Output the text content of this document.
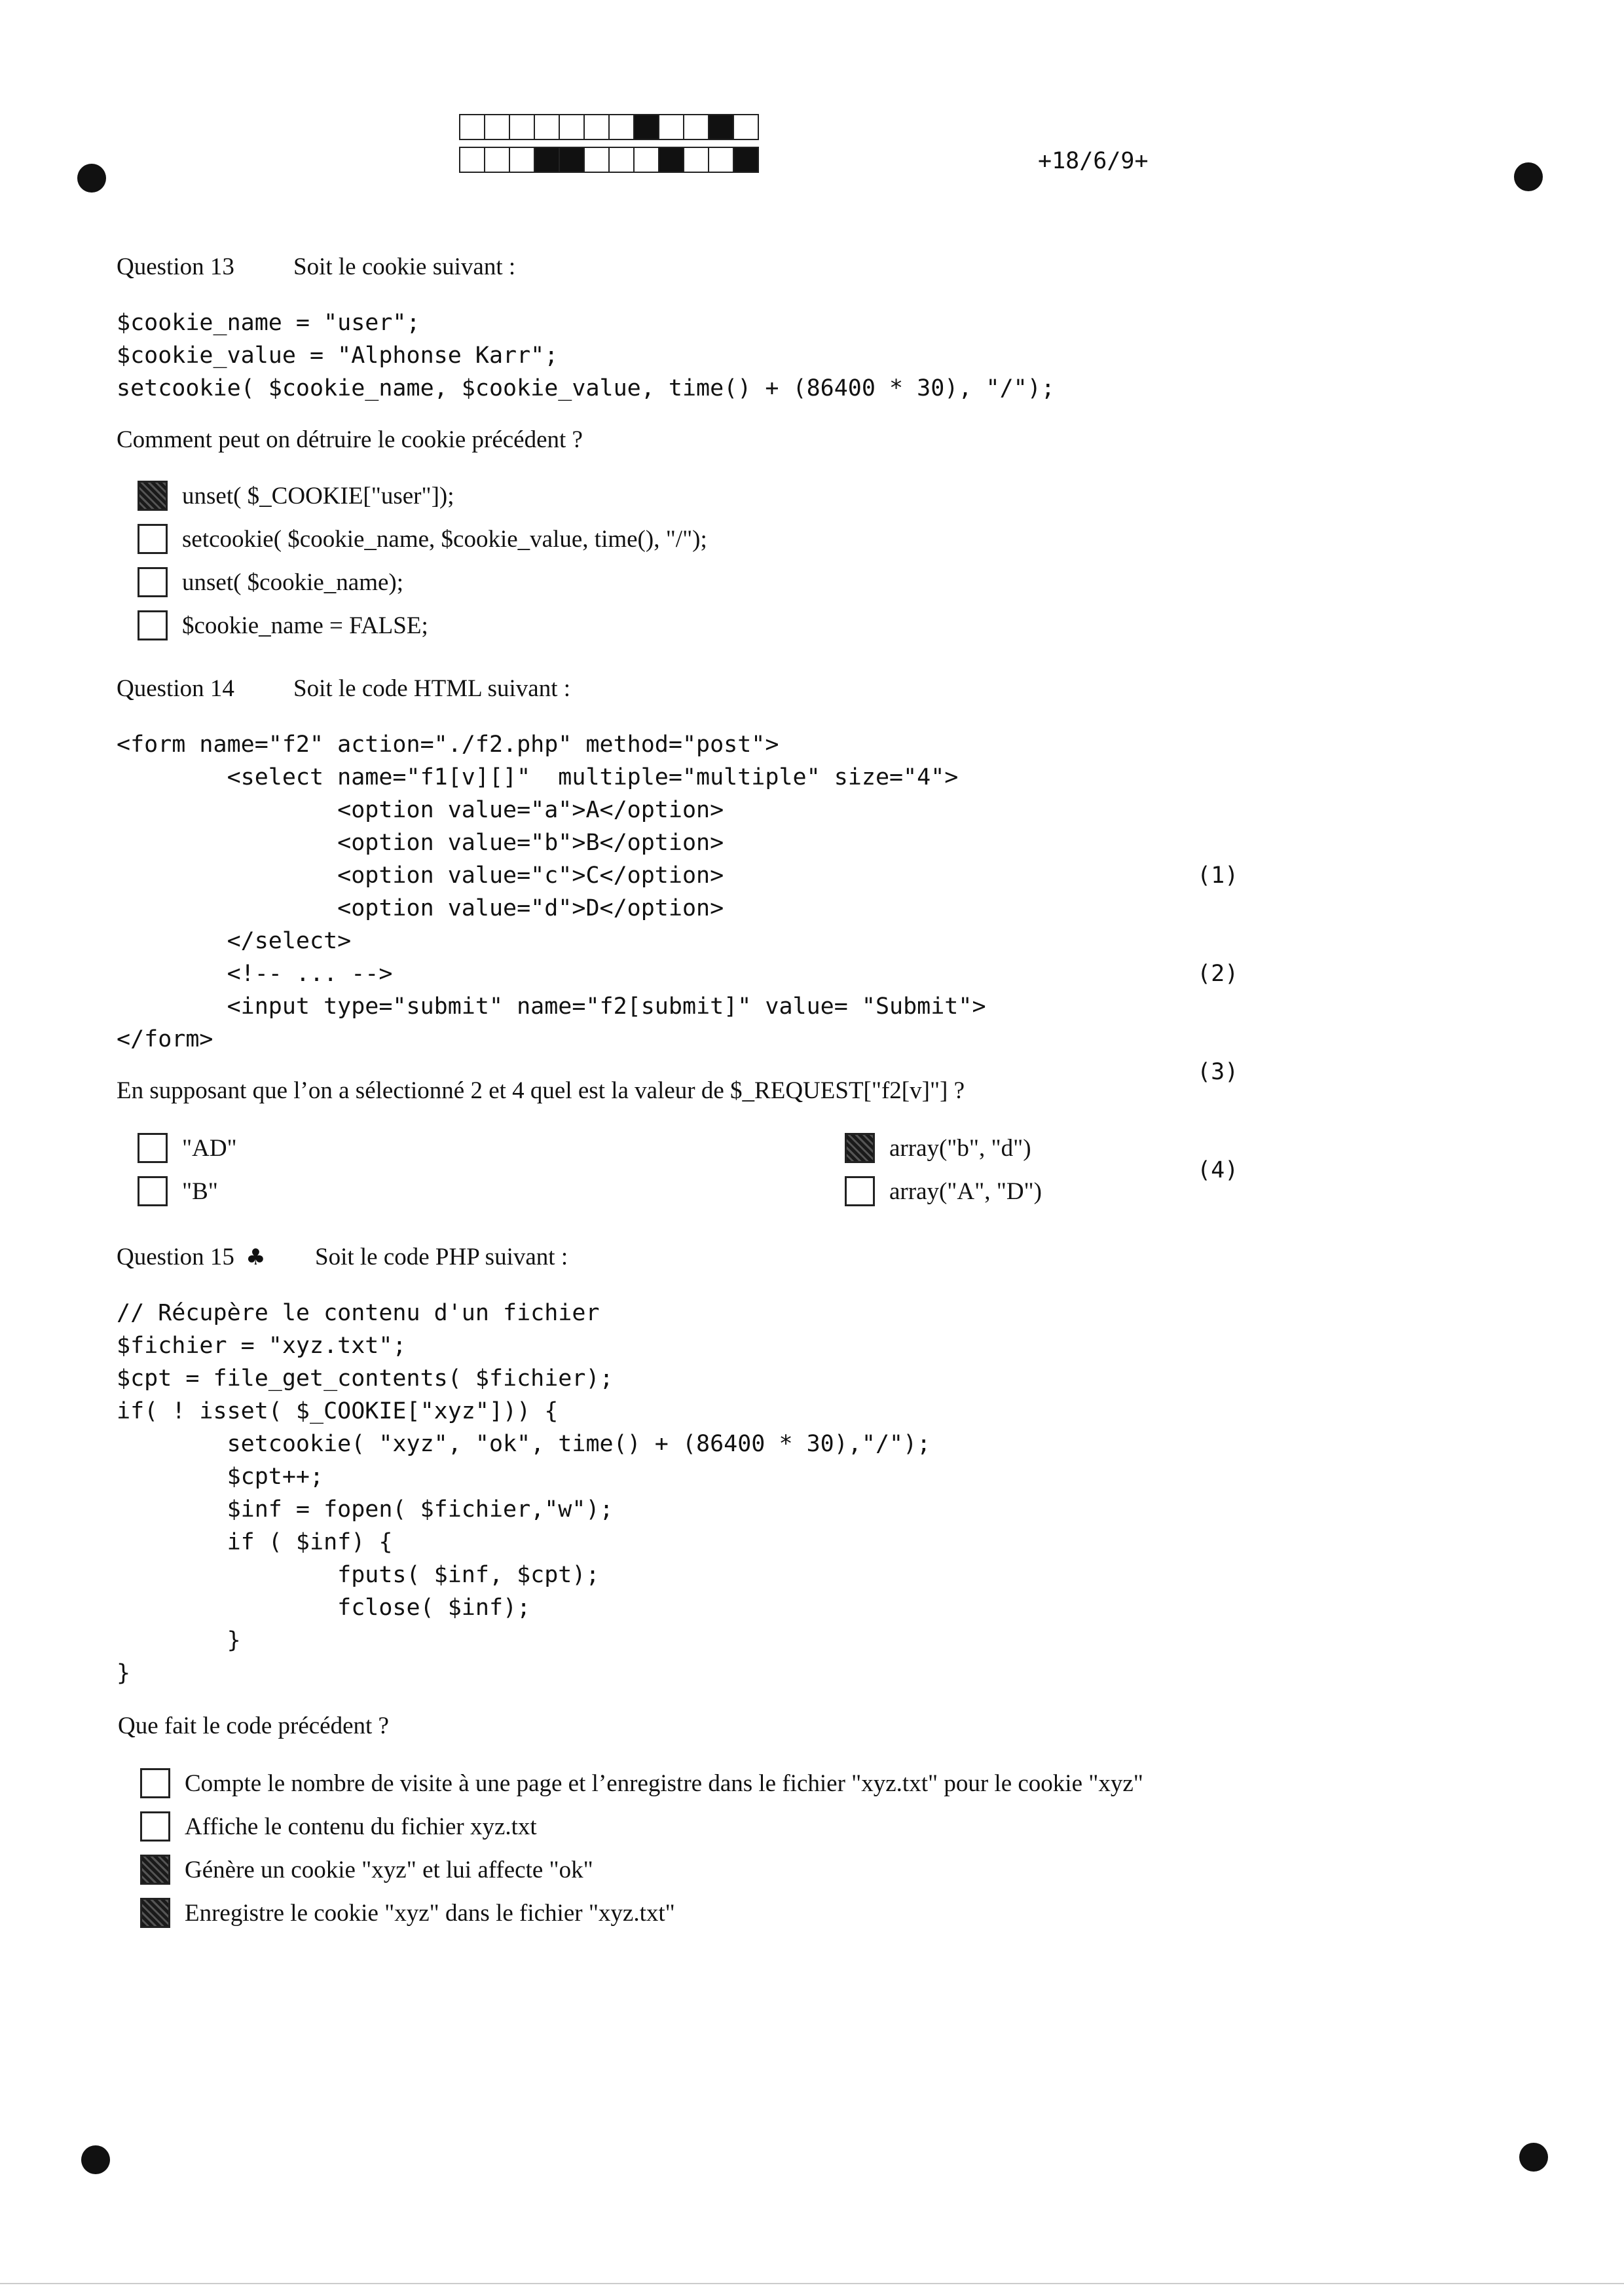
+18/6/9+
Question 13 Soit le cookie suivant :
$cookie_name = "user";
$cookie_value = "Alphonse Karr";
setcookie( $cookie_name, $cookie_value, time() + (86400 * 30), "/");
Comment peut on détruire le cookie précédent ?
unset( $_COOKIE["user"]);
setcookie( $cookie_name, $cookie_value, time(), "/");
unset( $cookie_name);
$cookie_name = FALSE;
Question 14 Soit le code HTML suivant :
<form name="f2" action="./f2.php" method="post">
<select name="f1[v][]"  multiple="multiple" size="4">
<option value="a">A</option>
<option value="b">B</option>
<option value="c">C</option>
<option value="d">D</option>
</select>
<!-- ... -->
<input type="submit" name="f2[submit]" value= "Submit">
</form>

(1)

(2)

(3)

(4)

En supposant que l’on a sélectionné 2 et 4 quel est la valeur de $_REQUEST["f2[v]"] ?
"AD"
"B"
array("b", "d")
array("A", "D")
Question 15 ♣ Soit le code PHP suivant :
// Récupère le contenu d'un fichier
$fichier = "xyz.txt";
$cpt = file_get_contents( $fichier);
if( ! isset( $_COOKIE["xyz"])) {
setcookie( "xyz", "ok", time() + (86400 * 30),"/");
$cpt++;
$inf = fopen( $fichier,"w");
if ( $inf) {
fputs( $inf, $cpt);
fclose( $inf);
}
}
Que fait le code précédent ?
Compte le nombre de visite à une page et l’enregistre dans le fichier "xyz.txt" pour le cookie "xyz"
Affiche le contenu du fichier xyz.txt
Génère un cookie "xyz" et lui affecte "ok"
Enregistre le cookie "xyz" dans le fichier "xyz.txt"
